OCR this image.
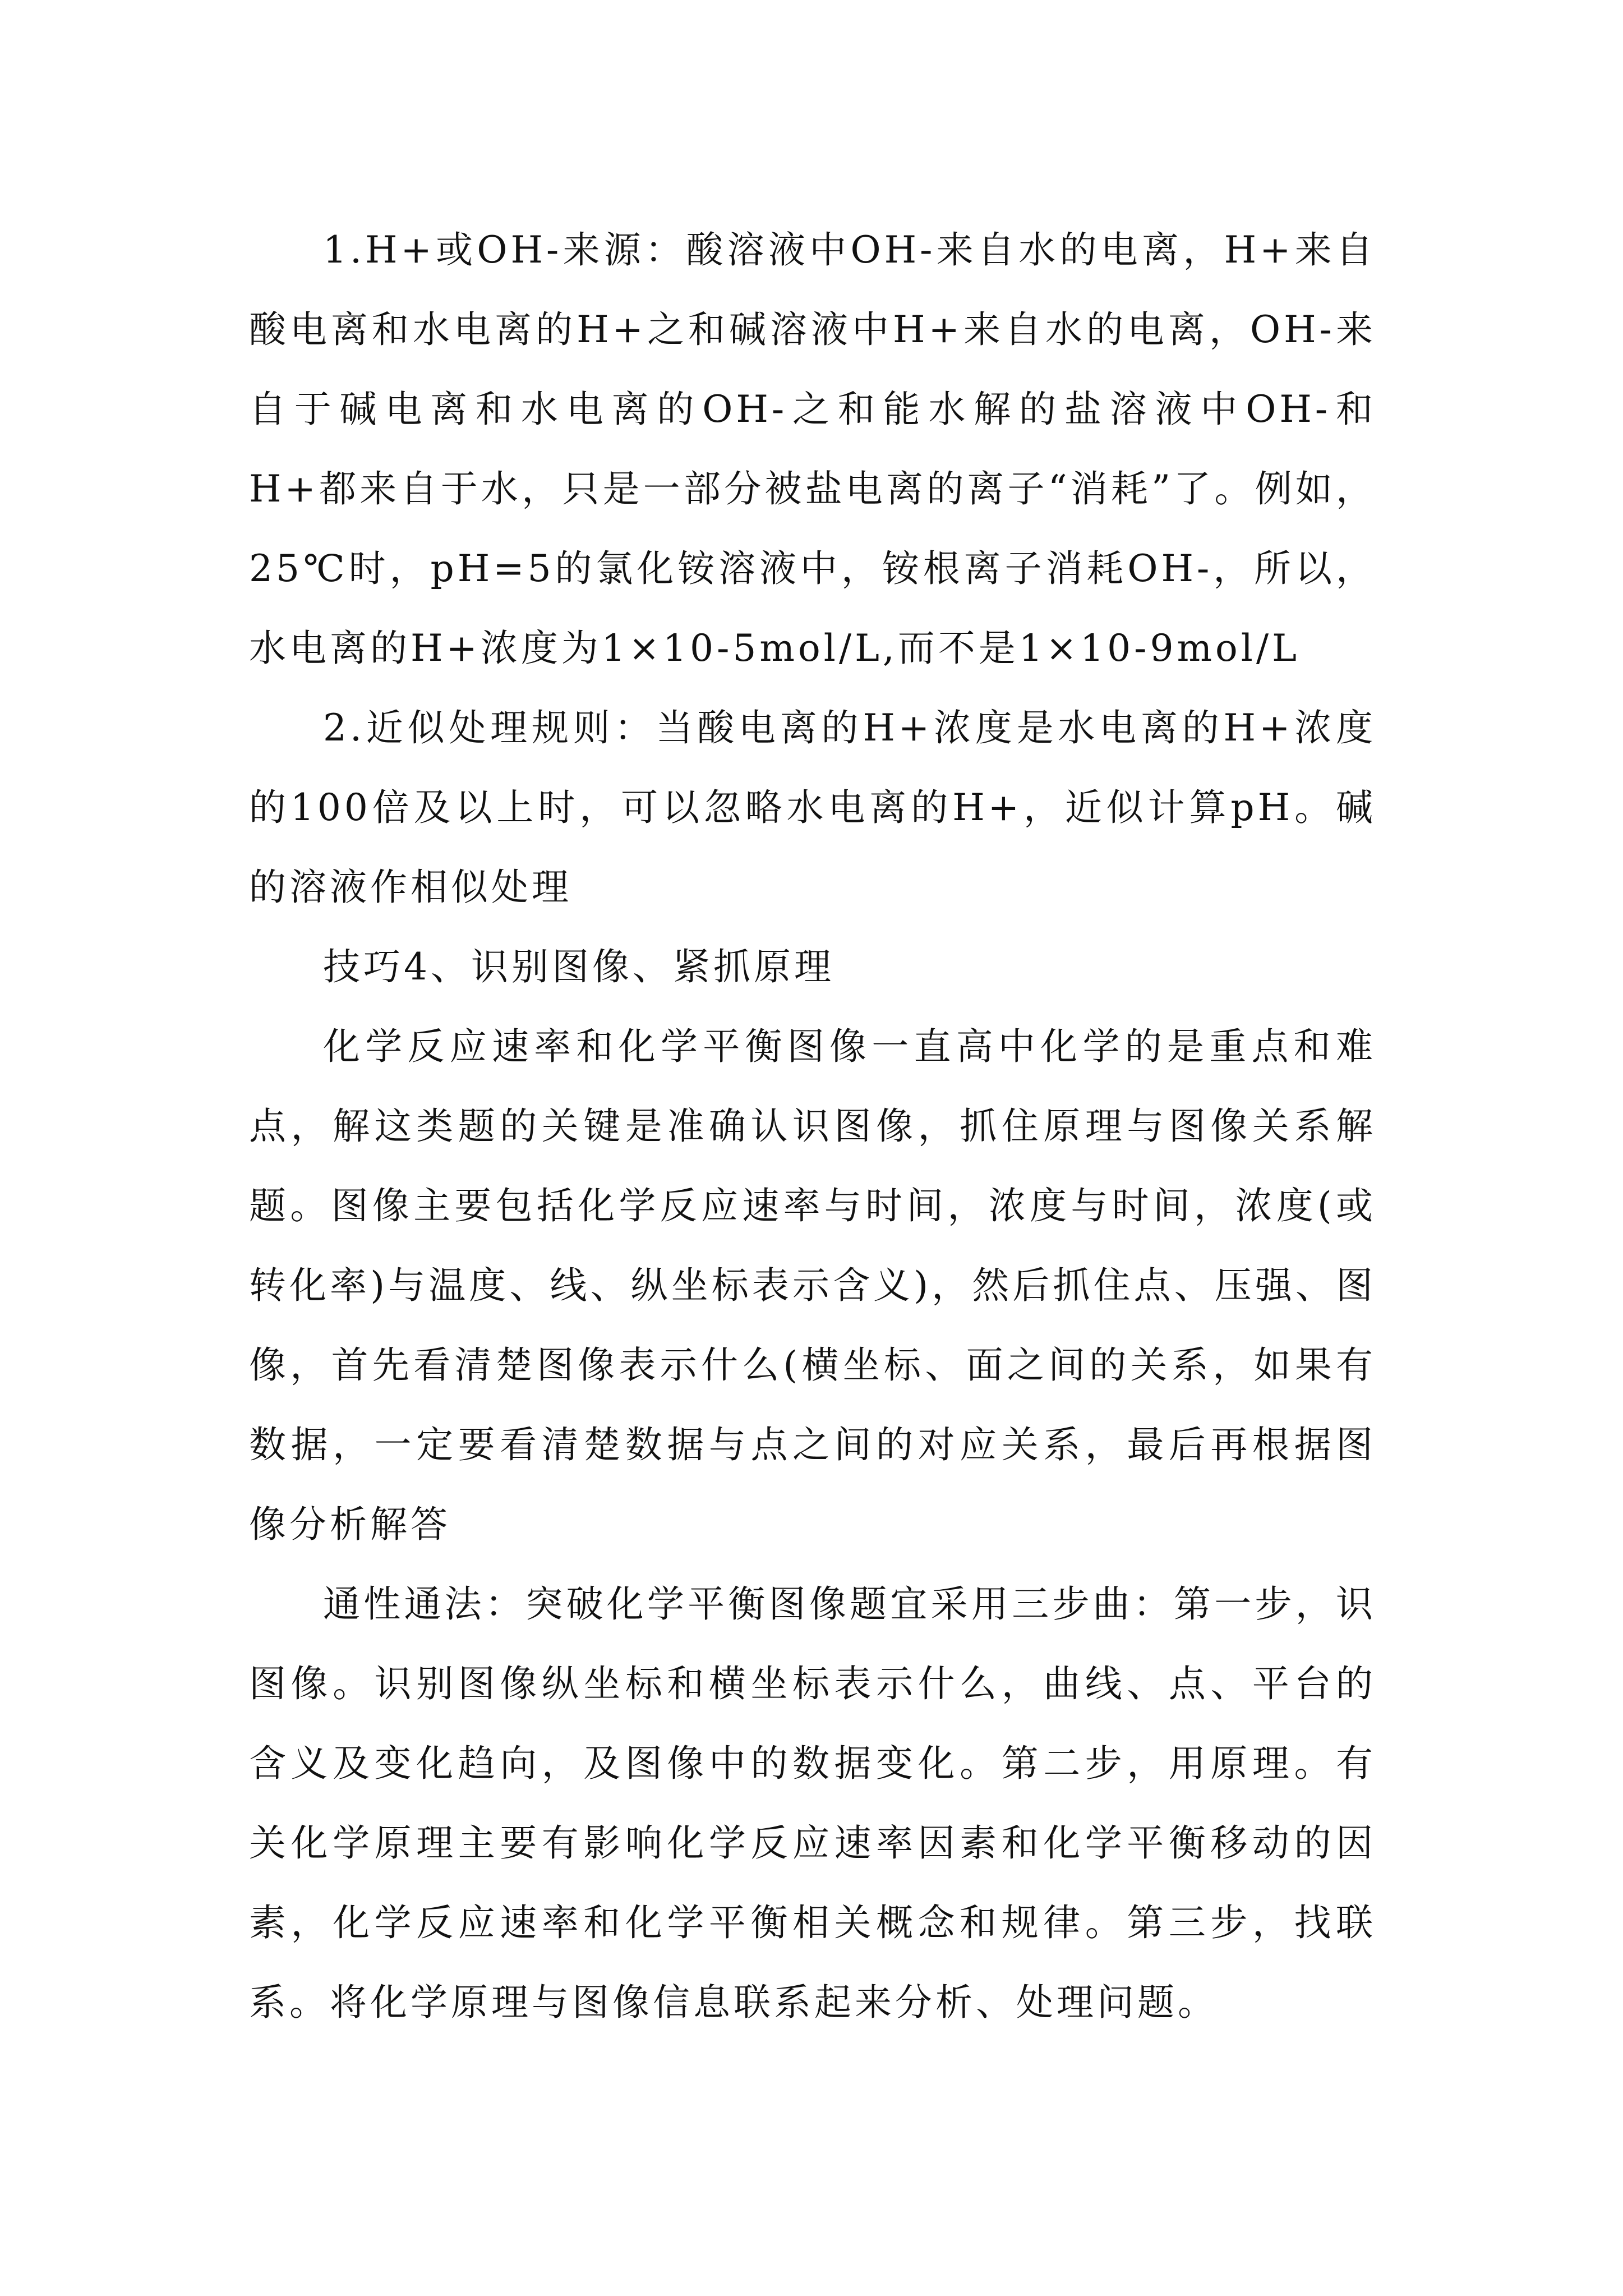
1.H+或OH-来源：酸溶液中OH-来自水的电离，H+来自酸电离和水电离的H+之和碱溶液中H+来自水的电离，OH-来自于碱电离和水电离的OH-之和能水解的盐溶液中OH-和H+都来自于水，只是一部分被盐电离的离子“消耗”了。例如，25℃时，pH=5的氯化铵溶液中，铵根离子消耗OH-，所以，水电离的H+浓度为1×10-5mol/L,而不是1×10-9mol/L

2.近似处理规则：当酸电离的H+浓度是水电离的H+浓度的100倍及以上时，可以忽略水电离的H+，近似计算pH。碱的溶液作相似处理

技巧4、识别图像、紧抓原理

化学反应速率和化学平衡图像一直高中化学的是重点和难点，解这类题的关键是准确认识图像，抓住原理与图像关系解题。图像主要包括化学反应速率与时间，浓度与时间，浓度(或转化率)与温度、线、纵坐标表示含义)，然后抓住点、压强、图像，首先看清楚图像表示什么(横坐标、面之间的关系，如果有数据，一定要看清楚数据与点之间的对应关系，最后再根据图像分析解答

通性通法：突破化学平衡图像题宜采用三步曲：第一步，识图像。识别图像纵坐标和横坐标表示什么，曲线、点、平台的含义及变化趋向，及图像中的数据变化。第二步，用原理。有关化学原理主要有影响化学反应速率因素和化学平衡移动的因素，化学反应速率和化学平衡相关概念和规律。第三步，找联系。将化学原理与图像信息联系起来分析、处理问题。
